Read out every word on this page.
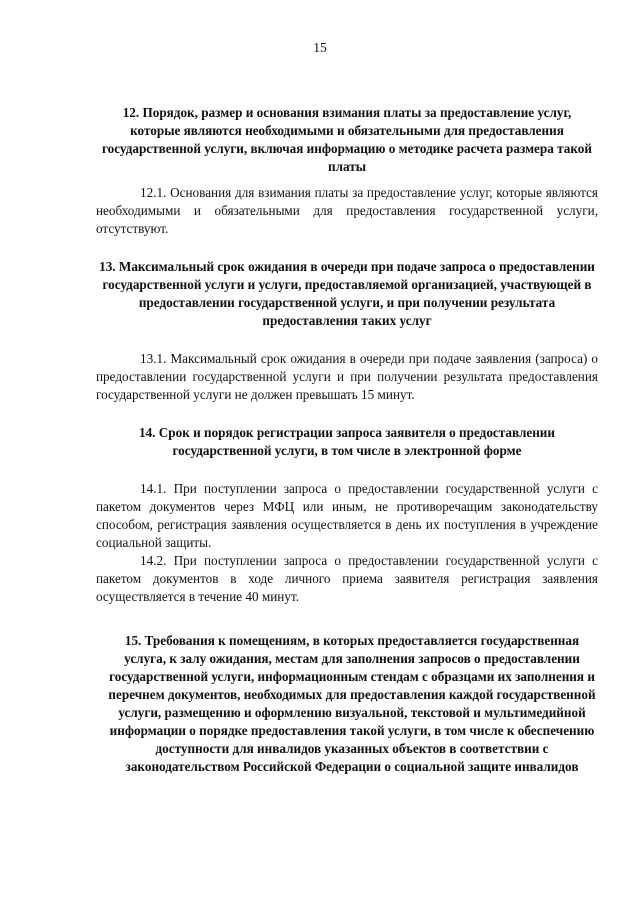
15
12. Порядок, размер и основания взимания платы за предоставление услуг, которые являются необходимыми и обязательными для предоставления государственной услуги, включая информацию о методике расчета размера такой платы

12.1. Основания для взимания платы за предоставление услуг, которые являются необходимыми и обязательными для предоставления государственной услуги, отсутствуют.

13. Максимальный срок ожидания в очереди при подаче запроса о предоставлении государственной услуги и услуги, предоставляемой организацией, участвующей в предоставлении государственной услуги, и при получении результата предоставления таких услуг

13.1. Максимальный срок ожидания в очереди при подаче заявления (запроса) о предоставлении государственной услуги и при получении результата предоставления государственной услуги не должен превышать 15 минут.

14. Срок и порядок регистрации запроса заявителя о предоставлении государственной услуги, в том числе в электронной форме

14.1. При поступлении запроса о предоставлении государственной услуги с пакетом документов через МФЦ или иным, не противоречащим законодательству способом, регистрация заявления осуществляется в день их поступления в учреждение социальной защиты.

14.2. При поступлении запроса о предоставлении государственной услуги с пакетом документов в ходе личного приема заявителя регистрация заявления осуществляется в течение 40 минут.

15. Требования к помещениям, в которых предоставляется государственная услуга, к залу ожидания, местам для заполнения запросов о предоставлении государственной услуги, информационным стендам с образцами их заполнения и перечнем документов, необходимых для предоставления каждой государственной услуги, размещению и оформлению визуальной, текстовой и мультимедийной информации о порядке предоставления такой услуги, в том числе к обеспечению доступности для инвалидов указанных объектов в соответствии с законодательством Российской Федерации о социальной защите инвалидов
